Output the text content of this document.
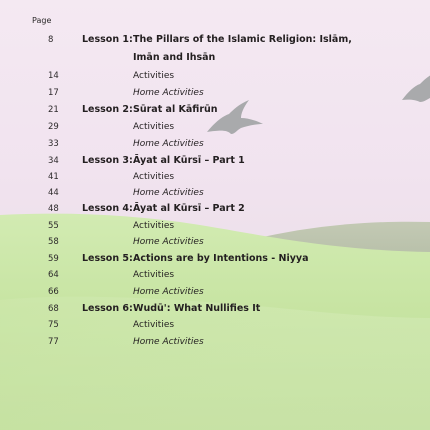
Page
8	Lesson 1: The Pillars of the Islamic Religion: Islām,
Imān and Ihsān
14	Activities
17	Home Activities
21	Lesson 2: Sūrat al Kāfirūn
29	Activities
33	Home Activities
34	Lesson 3: Āyat al Kūrsī – Part 1
41	Activities
44	Home Activities
48	Lesson 4: Āyat al Kūrsī – Part 2
55	Activities
58	Home Activities
59	Lesson 5: Actions are by Intentions - Niyya
64	Activities
66	Home Activities
68	Lesson 6: Wudū': What Nullifies It
75	Activities
77	Home Activities
